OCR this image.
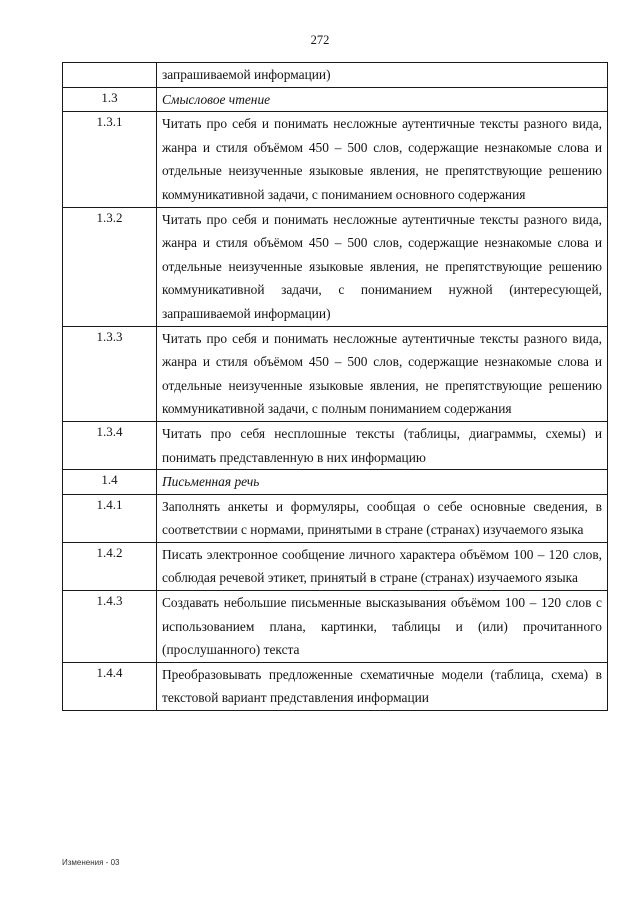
272
	запрашиваемой информации)
1.3	Смысловое чтение
1.3.1	Читать про себя и понимать несложные аутентичные тексты разного вида, жанра и стиля объёмом 450 – 500 слов, содержащие незнакомые слова и отдельные неизученные языковые явления, не препятствующие решению коммуникативной задачи, с пониманием основного содержания
1.3.2	Читать про себя и понимать несложные аутентичные тексты разного вида, жанра и стиля объёмом 450 – 500 слов, содержащие незнакомые слова и отдельные неизученные языковые явления, не препятствующие решению коммуникативной задачи, с пониманием нужной (интересующей, запрашиваемой информации)
1.3.3	Читать про себя и понимать несложные аутентичные тексты разного вида, жанра и стиля объёмом 450 – 500 слов, содержащие незнакомые слова и отдельные неизученные языковые явления, не препятствующие решению коммуникативной задачи, с полным пониманием содержания
1.3.4	Читать про себя несплошные тексты (таблицы, диаграммы, схемы) и понимать представленную в них информацию
1.4	Письменная речь
1.4.1	Заполнять анкеты и формуляры, сообщая о себе основные сведения, в соответствии с нормами, принятыми в стране (странах) изучаемого языка
1.4.2	Писать электронное сообщение личного характера объёмом 100 – 120 слов, соблюдая речевой этикет, принятый в стране (странах) изучаемого языка
1.4.3	Создавать небольшие письменные высказывания объёмом 100 – 120 слов с использованием плана, картинки, таблицы и (или) прочитанного (прослушанного) текста
1.4.4	Преобразовывать предложенные схематичные модели (таблица, схема) в текстовой вариант представления информации
Изменения - 03
